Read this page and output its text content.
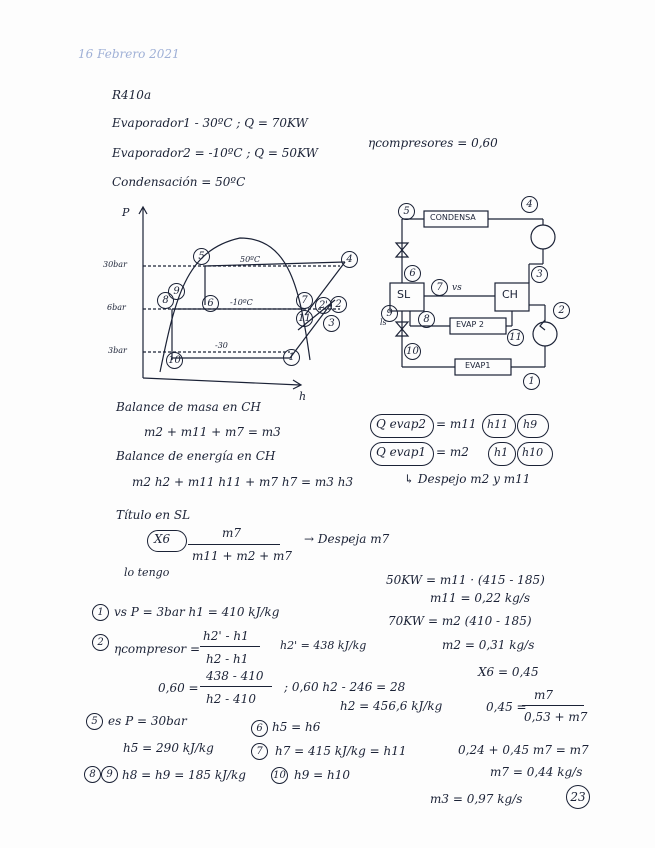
16 Febrero 2021
R410a
Evaporador1 - 30ºC ; Q = 70KW
Evaporador2 = -10ºC ; Q = 50KW
Condensación = 50ºC
ηcompresores = 0,60
P
h
30bar
6bar
3bar
50ºC
-10ºC
-30
5
8
9
6
10	1
7
11
2' 2
3
4
CONDENSA
SL	CH
EVAP 2
EVAP1
vs
ls
5
4
6
7
3
2
9
8
11
10
1
Balance de masa en CH
m2 + m11 + m7 = m3
Balance de energía en CH
m2 h2 + m11 h11 + m7 h7 = m3 h3
Título en SL
X6	m7
m11 + m2 + m7
→ Despeja m7
lo tengo
Q evap2 = m11 h11 h9
Q evap1 = m2 h1 h10
↳ Despejo m2 y m11
1 vs P = 3bar h1 = 410 kJ/kg
2 ηcompresor =
h2' - h1
h2 - h1
h2' = 438 kJ/kg
0,60 =
438 - 410
h2 - 410
; 0,60 h2 - 246 = 28
h2 = 456,6 kJ/kg
5 es P = 30bar
h5 = 290 kJ/kg
6 h5 = h6
7	h7 = 415 kJ/kg = h11
8	9 h8 = h9 = 185 kJ/kg	10 h9 = h10
50KW = m11 · (415 - 185)
m11 = 0,22 kg/s
70KW = m2 (410 - 185)
m2 = 0,31 kg/s
X6 = 0,45
0,45 =
m7
0,53 + m7
0,24 + 0,45 m7 = m7
m7 = 0,44 kg/s
m3 = 0,97 kg/s	23
